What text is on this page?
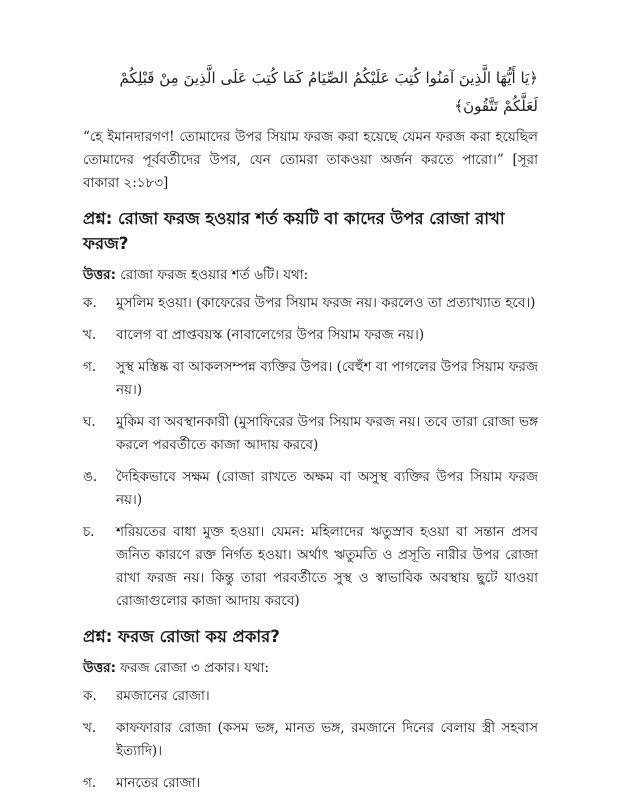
﴿يَا أَيُّهَا الَّذِينَ آمَنُوا كُتِبَ عَلَيْكُمُ الصِّيَامُ كَمَا كُتِبَ عَلَى الَّذِينَ مِنْ قَبْلِكُمْ لَعَلَّكُمْ تَتَّقُونَ﴾
“হে ইমানদারগণ! তোমাদের উপর সিয়াম ফরজ করা হয়েছে যেমন ফরজ করা হয়েছিল তোমাদের পূর্ববর্তীদের উপর, যেন তোমরা তাকওয়া অর্জন করতে পারো।” [সূরা বাকারা ২:১৮৩]
প্রশ্ন: রোজা ফরজ হওয়ার শর্ত কয়টি বা কাদের উপর রোজা রাখা ফরজ?
উত্তর: রোজা ফরজ হওয়ার শর্ত ৬টি। যথা:
ক.	মুসলিম হওয়া। (কাফেরের উপর সিয়াম ফরজ নয়। করলেও তা প্রত্যাখ্যাত হবে।)
খ.	বালেগ বা প্রাপ্তবয়স্ক (নাবালেগের উপর সিয়াম ফরজ নয়।)
গ.	সুস্থ মস্তিষ্ক বা আকলসম্পন্ন ব্যক্তির উপর। (বেহুঁশ বা পাগলের উপর সিয়াম ফরজ নয়।)
ঘ.	মুকিম বা অবস্থানকারী (মুসাফিরের উপর সিয়াম ফরজ নয়। তবে তারা রোজা ভঙ্গ করলে পরবর্তীতে কাজা আদায় করবে)
ঙ.	দৈহিকভাবে সক্ষম (রোজা রাখতে অক্ষম বা অসুস্থ ব্যক্তির উপর সিয়াম ফরজ নয়।)
চ.	শরিয়তের বাধা মুক্ত হওয়া। যেমন: মহিলাদের ঋতুস্রাব হওয়া বা সন্তান প্রসব জনিত কারণে রক্ত নির্গত হওয়া। অর্থাৎ ঋতুমতি ও প্রসূতি নারীর উপর রোজা রাখা ফরজ নয়। কিন্তু তারা পরবর্তীতে সুস্থ ও স্বাভাবিক অবস্থায় ছুটে যাওয়া রোজাগুলোর কাজা আদায় করবে)
প্রশ্ন: ফরজ রোজা কয় প্রকার?
উত্তর: ফরজ রোজা ৩ প্রকার। যথা:
ক.	রমজানের রোজা।
খ.	কাফফারার রোজা (কসম ভঙ্গ, মানত ভঙ্গ, রমজানে দিনের বেলায় স্ত্রী সহবাস ইত্যাদি)।
গ.	মানতের রোজা।
